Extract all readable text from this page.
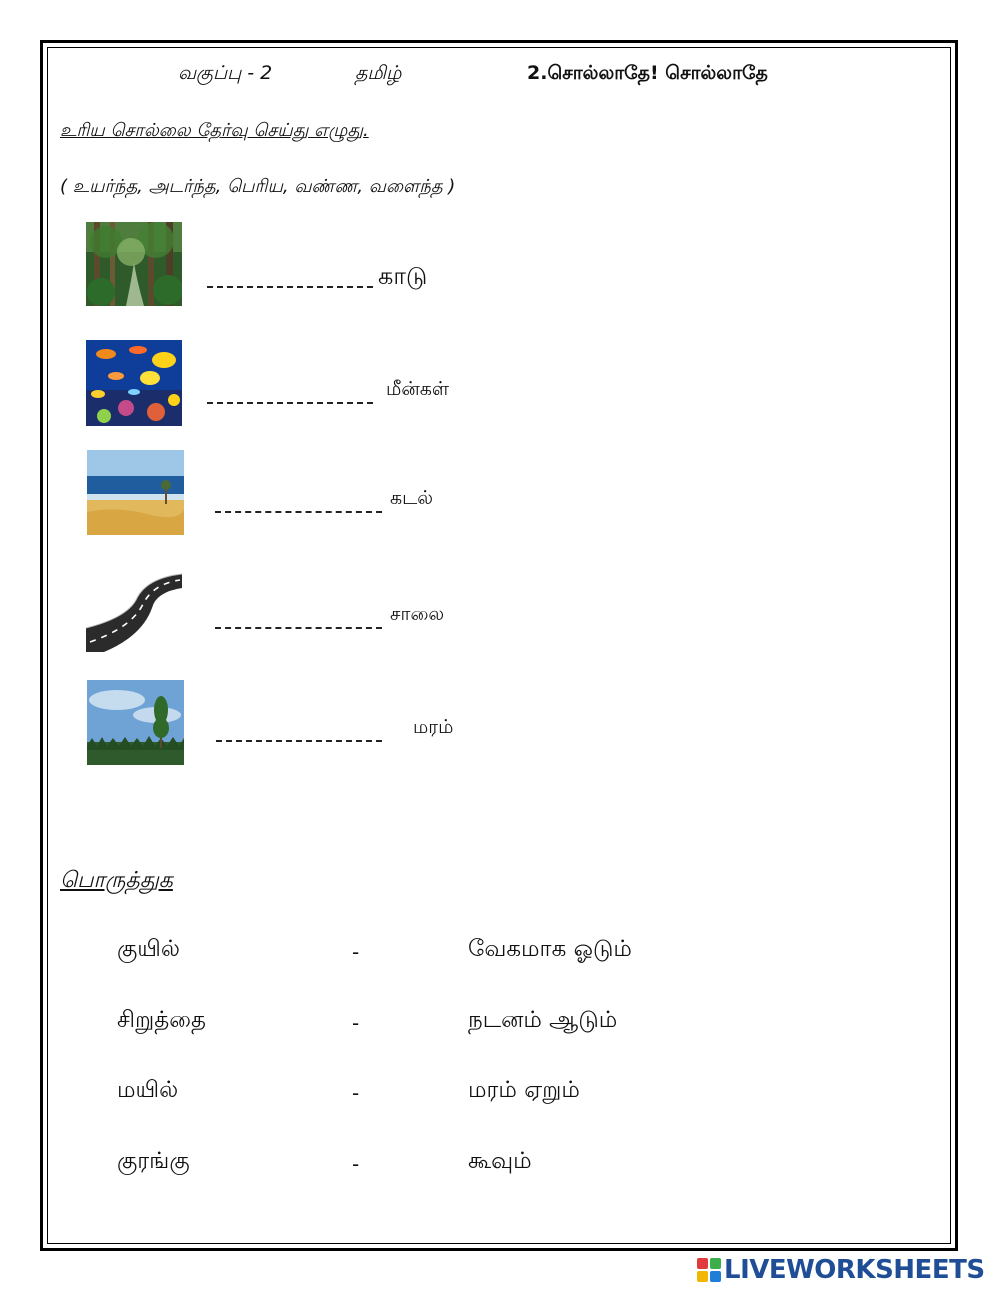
வகுப்பு - 2	தமிழ்	2.சொல்லாதே! சொல்லாதே
உரிய சொல்லை தேர்வு செய்து எழுது.
( உயர்ந்த, அடர்ந்த, பெரிய, வண்ண, வளைந்த )
காடு
மீன்கள்
கடல்
சாலை
மரம்
பொருத்துக
குயில்	-	வேகமாக ஓடும்
சிறுத்தை	-	நடனம் ஆடும்
மயில்	-	மரம் ஏறும்
குரங்கு	-	கூவும்
LIVEWORKSHEETS
